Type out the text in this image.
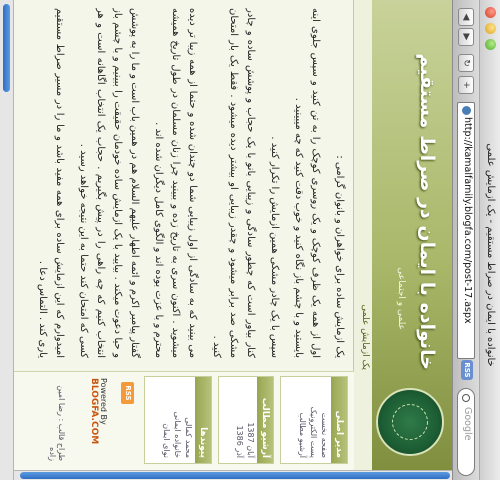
خانواده با ایمان در صراط مستقیم - یک ازمایش علمی
◀
▶
↻
+
http://kamalfamily.blogfa.com/post-17.aspx
RSS
Google
خانواده با ایمان در صراط مستقیم
علمی و اجتماعی
یک ازمایش علمی

یک ازمایش ساده برای خواهران و بانوان گرامی :

اول از همه یک ظرف کوچک و یک رو‌سری کوچک را به تن کنید و سپس جلوی اینه بایستید و با چشم باز نگاه کنید و خوب دقت کنید که چه میبینید .

سپس با یک چادر مشکی همین ازمایش را تکرار کنید .

کنار بیاور است که چطور سادگی و زیبایی بانو با یک حجاب و پوشش ساده و چادر مشکی صد برابر میشود و چقدر زیبایی او بیشتر دیده میشود . فقط یک بار امتحان کنید .

می بینید که به سادگی از اول زیبایی شما دو چندان شده و حتما از همه زیبا تر دیده میشوید . اکنون سری به تاریخ زده و ببینید چرا زنان مسلمان در طول تاریخ همیشه محترم و با عزت بوده اند و الگوی کامل دیگران شده اند .

گفتار پیامبر اکرم و ائمه اطهار علیهم السلام هم در همین باب است و ما را به پوشش و حیا دعوت میکند . بیایید با یک ازمایش ساده خودمان حقیقت را ببینیم و با چشم باز انتخاب کنیم که چه راهی را در پیش بگیریم . حجاب یک انتخاب اگاهانه است و هر کسی که امتحان کند حتما به این نتیجه خواهد رسید .

امیدوارم که این ازمایش ساده برای همه مفید باشد و ما را در مسیر صراط مستقیم یاری کند . التماس دعا .

مدیر اصلی
صفحه نخست
پست الکترونیک
آرشیو مطالب
آرشیو مطالب
آبان 1387
آذر 1386
پیوندها
محمد کمالی
خانواده ایمانی
نوای ایمان
RSS
Powered By
BLOGFA.COM
طراح قالب : رضا امین زاده
